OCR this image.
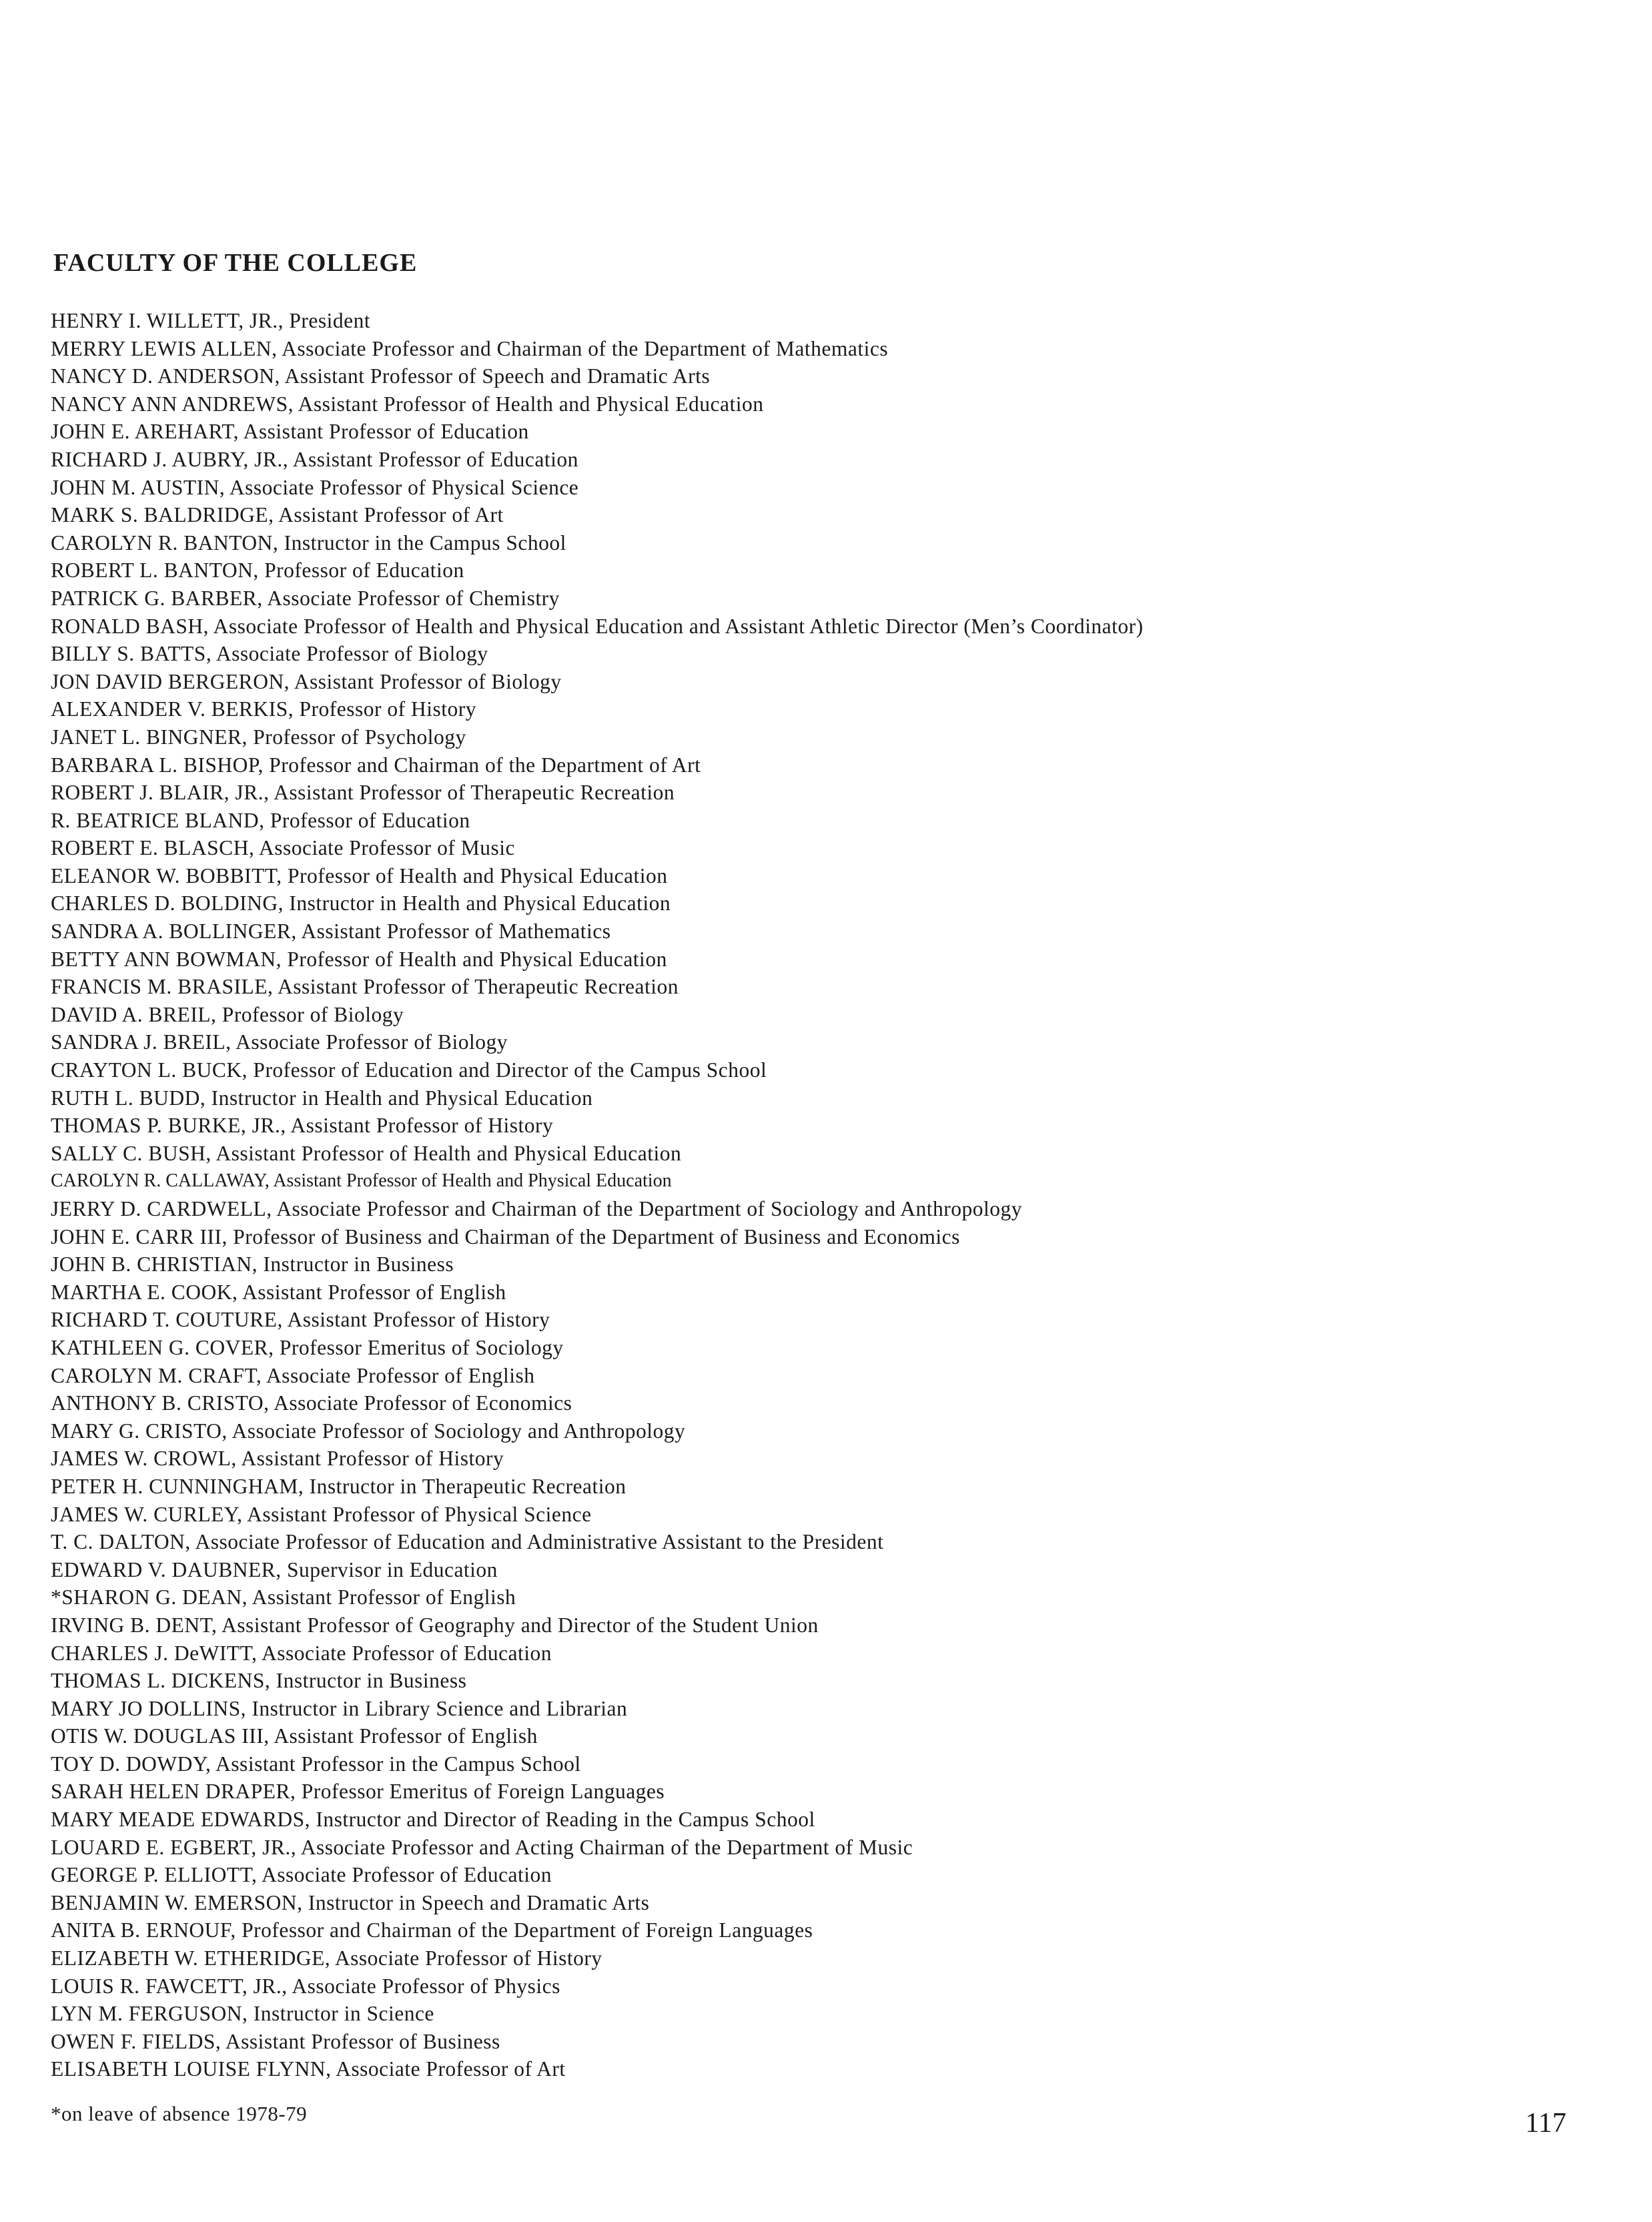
FACULTY OF THE COLLEGE
HENRY I. WILLETT, JR., President
MERRY LEWIS ALLEN, Associate Professor and Chairman of the Department of Mathematics
NANCY D. ANDERSON, Assistant Professor of Speech and Dramatic Arts
NANCY ANN ANDREWS, Assistant Professor of Health and Physical Education
JOHN E. AREHART, Assistant Professor of Education
RICHARD J. AUBRY, JR., Assistant Professor of Education
JOHN M. AUSTIN, Associate Professor of Physical Science
MARK S. BALDRIDGE, Assistant Professor of Art
CAROLYN R. BANTON, Instructor in the Campus School
ROBERT L. BANTON, Professor of Education
PATRICK G. BARBER, Associate Professor of Chemistry
RONALD BASH, Associate Professor of Health and Physical Education and Assistant Athletic Director (Men’s Coordinator)
BILLY S. BATTS, Associate Professor of Biology
JON DAVID BERGERON, Assistant Professor of Biology
ALEXANDER V. BERKIS, Professor of History
JANET L. BINGNER, Professor of Psychology
BARBARA L. BISHOP, Professor and Chairman of the Department of Art
ROBERT J. BLAIR, JR., Assistant Professor of Therapeutic Recreation
R. BEATRICE BLAND, Professor of Education
ROBERT E. BLASCH, Associate Professor of Music
ELEANOR W. BOBBITT, Professor of Health and Physical Education
CHARLES D. BOLDING, Instructor in Health and Physical Education
SANDRA A. BOLLINGER, Assistant Professor of Mathematics
BETTY ANN BOWMAN, Professor of Health and Physical Education
FRANCIS M. BRASILE, Assistant Professor of Therapeutic Recreation
DAVID A. BREIL, Professor of Biology
SANDRA J. BREIL, Associate Professor of Biology
CRAYTON L. BUCK, Professor of Education and Director of the Campus School
RUTH L. BUDD, Instructor in Health and Physical Education
THOMAS P. BURKE, JR., Assistant Professor of History
SALLY C. BUSH, Assistant Professor of Health and Physical Education
CAROLYN R. CALLAWAY, Assistant Professor of Health and Physical Education
JERRY D. CARDWELL, Associate Professor and Chairman of the Department of Sociology and Anthropology
JOHN E. CARR III, Professor of Business and Chairman of the Department of Business and Economics
JOHN B. CHRISTIAN, Instructor in Business
MARTHA E. COOK, Assistant Professor of English
RICHARD T. COUTURE, Assistant Professor of History
KATHLEEN G. COVER, Professor Emeritus of Sociology
CAROLYN M. CRAFT, Associate Professor of English
ANTHONY B. CRISTO, Associate Professor of Economics
MARY G. CRISTO, Associate Professor of Sociology and Anthropology
JAMES W. CROWL, Assistant Professor of History
PETER H. CUNNINGHAM, Instructor in Therapeutic Recreation
JAMES W. CURLEY, Assistant Professor of Physical Science
T. C. DALTON, Associate Professor of Education and Administrative Assistant to the President
EDWARD V. DAUBNER, Supervisor in Education
*SHARON G. DEAN, Assistant Professor of English
IRVING B. DENT, Assistant Professor of Geography and Director of the Student Union
CHARLES J. DeWITT, Associate Professor of Education
THOMAS L. DICKENS, Instructor in Business
MARY JO DOLLINS, Instructor in Library Science and Librarian
OTIS W. DOUGLAS III, Assistant Professor of English
TOY D. DOWDY, Assistant Professor in the Campus School
SARAH HELEN DRAPER, Professor Emeritus of Foreign Languages
MARY MEADE EDWARDS, Instructor and Director of Reading in the Campus School
LOUARD E. EGBERT, JR., Associate Professor and Acting Chairman of the Department of Music
GEORGE P. ELLIOTT, Associate Professor of Education
BENJAMIN W. EMERSON, Instructor in Speech and Dramatic Arts
ANITA B. ERNOUF, Professor and Chairman of the Department of Foreign Languages
ELIZABETH W. ETHERIDGE, Associate Professor of History
LOUIS R. FAWCETT, JR., Associate Professor of Physics
LYN M. FERGUSON, Instructor in Science
OWEN F. FIELDS, Assistant Professor of Business
ELISABETH LOUISE FLYNN, Associate Professor of Art
*on leave of absence 1978-79	117
